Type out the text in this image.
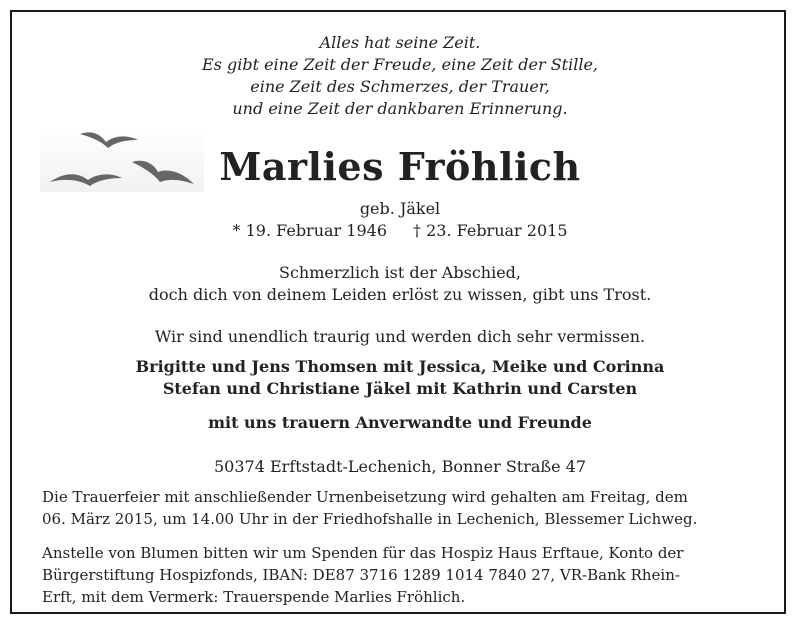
Alles hat seine Zeit.
Es gibt eine Zeit der Freude, eine Zeit der Stille,
eine Zeit des Schmerzes, der Trauer,
und eine Zeit der dankbaren Erinnerung.
Marlies Fröhlich
geb. Jäkel
* 19. Februar 1946 † 23. Februar 2015
Schmerzlich ist der Abschied,
doch dich von deinem Leiden erlöst zu wissen, gibt uns Trost.
Wir sind unendlich traurig und werden dich sehr vermissen.
Brigitte und Jens Thomsen mit Jessica, Meike und Corinna
Stefan und Christiane Jäkel mit Kathrin und Carsten
mit uns trauern Anverwandte und Freunde
50374 Erftstadt-Lechenich, Bonner Straße 47
Die Trauerfeier mit anschließender Urnenbeisetzung wird gehalten am Freitag, dem
06. März 2015, um 14.00 Uhr in der Friedhofshalle in Lechenich, Blessemer Lichweg.
Anstelle von Blumen bitten wir um Spenden für das Hospiz Haus Erftaue, Konto der
Bürgerstiftung Hospizfonds, IBAN: DE87 3716 1289 1014 7840 27, VR-Bank Rhein-
Erft, mit dem Vermerk: Trauerspende Marlies Fröhlich.
